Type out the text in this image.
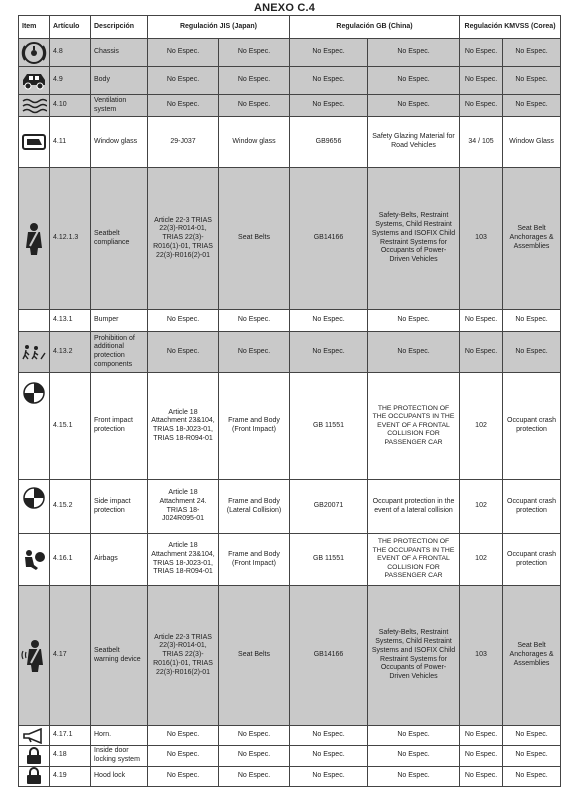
ANEXO C.4
Item	Artículo	Descripción	Regulación JIS (Japan)		Regulación GB (China)		Regulación KMVSS (Corea)	

	4.8	Chassis	No Espec.	No Espec.	No Espec.	No Espec.	No Espec.	No Espec.

	4.9	Body	No Espec.	No Espec.	No Espec.	No Espec.	No Espec.	No Espec.

	4.10	Ventilation system	No Espec.	No Espec.	No Espec.	No Espec.	No Espec.	No Espec.

	4.11	Window glass	29-J037	Window glass	GB9656	Safety Glazing Material for Road Vehicles	34 / 105	Window Glass

	4.12.1.3	Seatbelt compliance	Article 22-3 TRIAS 22(3)-R014-01, TRIAS 22(3)-R016(1)-01, TRIAS 22(3)-R016(2)-01	Seat Belts	GB14166	Safety-Belts, Restraint Systems, Child Restraint Systems and ISOFIX Child Restraint Systems for Occupants of Power-Driven Vehicles	103	Seat Belt Anchorages & Assemblies
	4.13.1	Bumper	No Espec.	No Espec.	No Espec.	No Espec.	No Espec.	No Espec.

	4.13.2	Prohibition of additional protection components	No Espec.	No Espec.	No Espec.	No Espec.	No Espec.	No Espec.

	4.15.1	Front impact protection	Article 18 Attachment 23&104, TRIAS 18-J023-01, TRIAS 18-R094-01	Frame and Body (Front Impact)	GB 11551	THE PROTECTION OF THE OCCUPANTS IN THE EVENT OF A FRONTAL COLLISION FOR PASSENGER CAR	102	Occupant crash protection

	4.15.2	Side impact protection	Article 18 Attachment 24. TRIAS 18-J024R095-01	Frame and Body (Lateral Collision)	GB20071	Occupant protection in the event of a lateral collision	102	Occupant crash protection

	4.16.1	Airbags	Article 18 Attachment 23&104, TRIAS 18-J023-01, TRIAS 18-R094-01	Frame and Body (Front Impact)	GB 11551	THE PROTECTION OF THE OCCUPANTS IN THE EVENT OF A FRONTAL COLLISION FOR PASSENGER CAR	102	Occupant crash protection

	4.17	Seatbelt warning device	Article 22-3 TRIAS 22(3)-R014-01, TRIAS 22(3)-R016(1)-01, TRIAS 22(3)-R016(2)-01	Seat Belts	GB14166	Safety-Belts, Restraint Systems, Child Restraint Systems and ISOFIX Child Restraint Systems for Occupants of Power-Driven Vehicles	103	Seat Belt Anchorages & Assemblies

	4.17.1	Horn.	No Espec.	No Espec.	No Espec.	No Espec.	No Espec.	No Espec.

	4.18	Inside door locking system	No Espec.	No Espec.	No Espec.	No Espec.	No Espec.	No Espec.

	4.19	Hood lock	No Espec.	No Espec.	No Espec.	No Espec.	No Espec.	No Espec.
